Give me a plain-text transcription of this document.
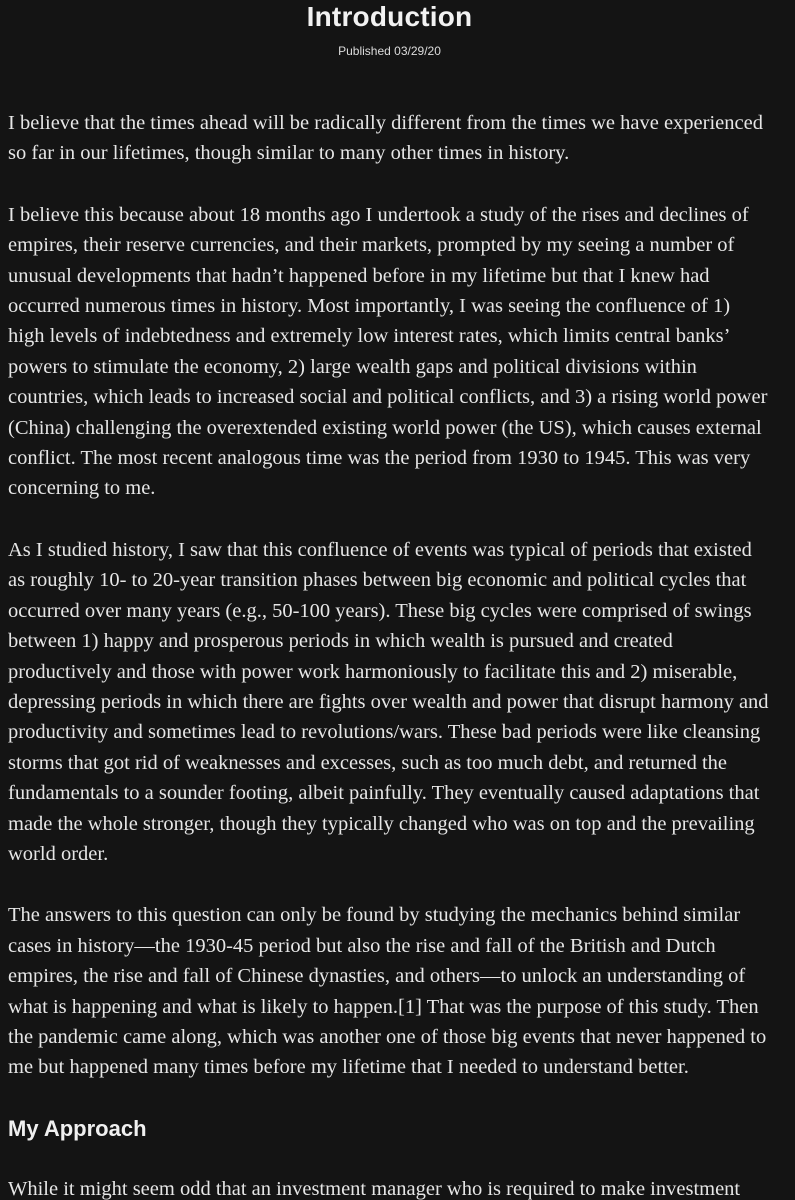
Introduction
Published 03/29/20

I believe that the times ahead will be radically different from the times we have experienced so far in our lifetimes, though similar to many other times in history.

I believe this because about 18 months ago I undertook a study of the rises and declines of empires, their reserve currencies, and their markets, prompted by my seeing a number of unusual developments that hadn’t happened before in my lifetime but that I knew had occurred numerous times in history. Most importantly, I was seeing the confluence of 1) high levels of indebtedness and extremely low interest rates, which limits central banks’ powers to stimulate the economy, 2) large wealth gaps and political divisions within countries, which leads to increased social and political conflicts, and 3) a rising world power (China) challenging the overextended existing world power (the US), which causes external conflict. The most recent analogous time was the period from 1930 to 1945. This was very concerning to me.

As I studied history, I saw that this confluence of events was typical of periods that existed as roughly 10- to 20-year transition phases between big economic and political cycles that occurred over many years (e.g., 50-100 years). These big cycles were comprised of swings between 1) happy and prosperous periods in which wealth is pursued and created productively and those with power work harmoniously to facilitate this and 2) miserable, depressing periods in which there are fights over wealth and power that disrupt harmony and productivity and sometimes lead to revolutions/wars. These bad periods were like cleansing storms that got rid of weaknesses and excesses, such as too much debt, and returned the fundamentals to a sounder footing, albeit painfully. They eventually caused adaptations that made the whole stronger, though they typically changed who was on top and the prevailing world order.

The answers to this question can only be found by studying the mechanics behind similar cases in history—the 1930-45 period but also the rise and fall of the British and Dutch empires, the rise and fall of Chinese dynasties, and others—to unlock an understanding of what is happening and what is likely to happen.[1] That was the purpose of this study. Then the pandemic came along, which was another one of those big events that never happened to me but happened many times before my lifetime that I needed to understand better.

My Approach

While it might seem odd that an investment manager who is required to make investment
